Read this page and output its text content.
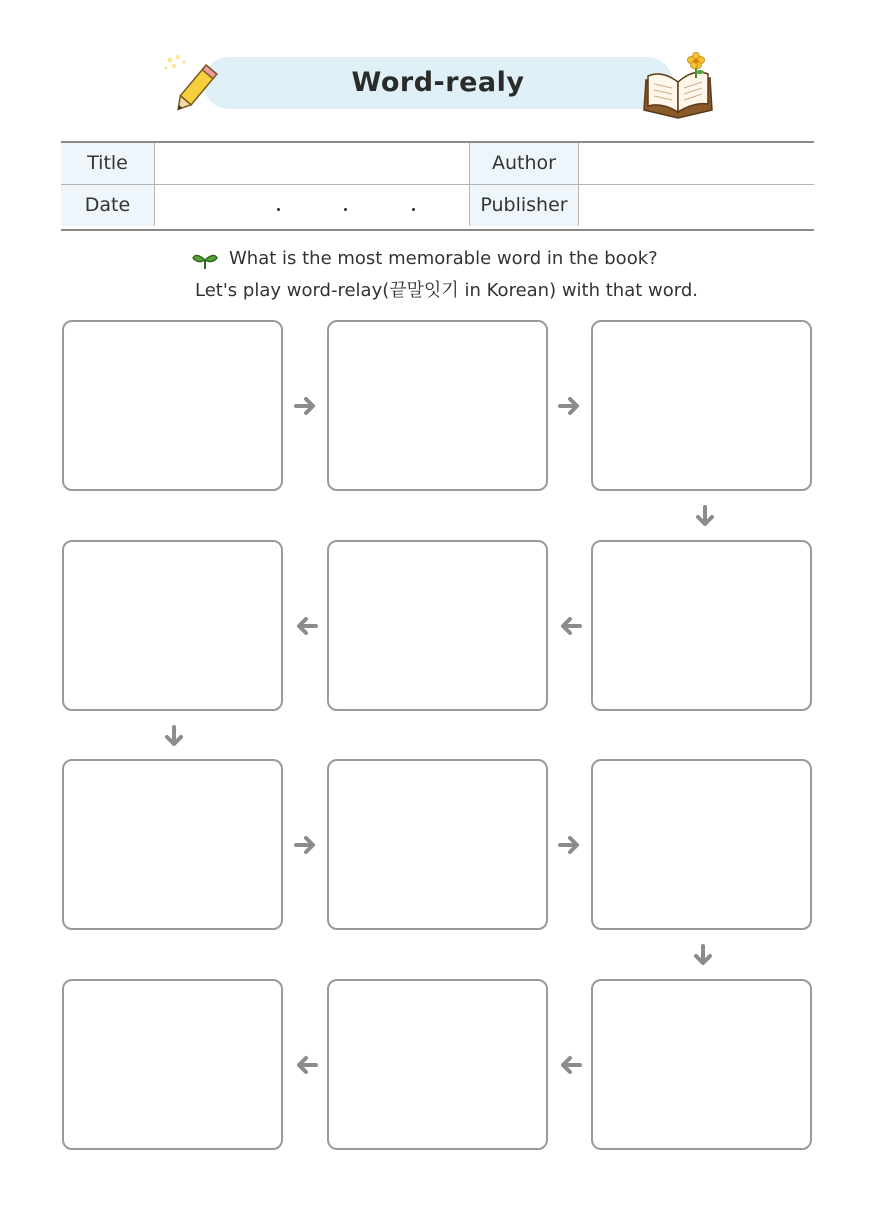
Word-realy
Title	Author
Date	Publisher
What is the most memorable word in the book?
Let's play word-relay(끝말잇기 in Korean) with that word.
